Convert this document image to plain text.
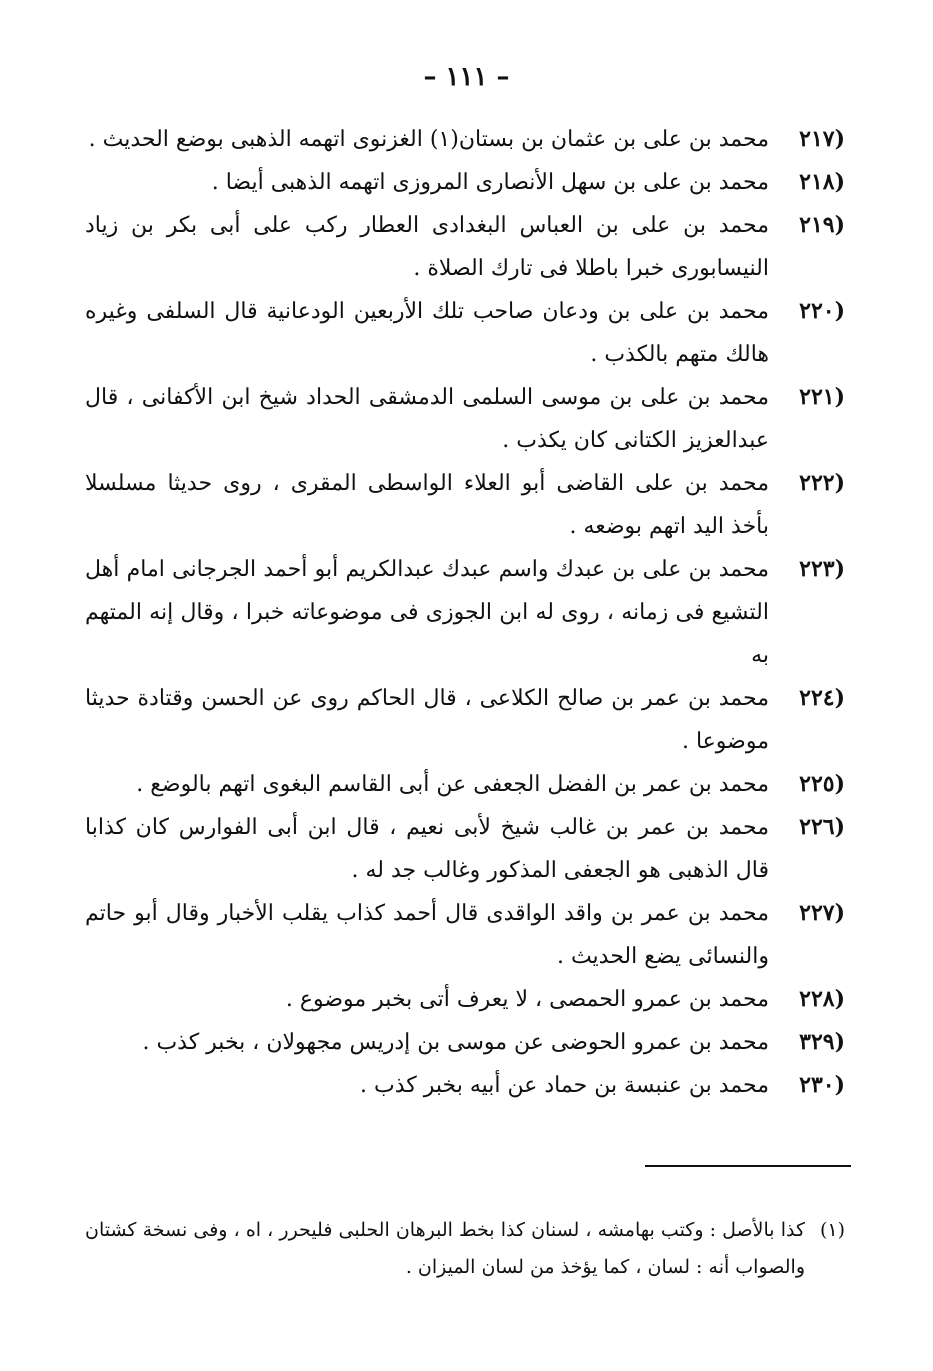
– ١١١ –

(٢١٧محمد بن على بن عثمان بن بستان(١) الغزنوى اتهمه الذهبى بوضع الحديث .

(٢١٨محمد بن على بن سهل الأنصارى المروزى اتهمه الذهبى أيضا .

(٢١٩محمد بن على بن العباس البغدادى العطار ركب على أبى بكر بن زياد النيسابورى خبرا باطلا فى تارك الصلاة .

(٢٢٠محمد بن على بن ودعان صاحب تلك الأربعين الودعانية قال السلفى وغيره هالك متهم بالكذب .

(٢٢١محمد بن على بن موسى السلمى الدمشقى الحداد شيخ ابن الأكفانى ، قال عبدالعزيز الكتانى كان يكذب .

(٢٢٢محمد بن على القاضى أبو العلاء الواسطى المقرى ، روى حديثا مسلسلا بأخذ اليد اتهم بوضعه .

(٢٢٣محمد بن على بن عبدك واسم عبدك عبدالكريم أبو أحمد الجرجانى امام أهل التشيع فى زمانه ، روى له ابن الجوزى فى موضوعاته خبرا ، وقال إنه المتهم به

(٢٢٤محمد بن عمر بن صالح الكلاعى ، قال الحاكم روى عن الحسن وقتادة حديثا موضوعا .

(٢٢٥محمد بن عمر بن الفضل الجعفى عن أبى القاسم البغوى اتهم بالوضع .

(٢٢٦محمد بن عمر بن غالب شيخ لأبى نعيم ، قال ابن أبى الفوارس كان كذابا قال الذهبى هو الجعفى المذكور وغالب جد له .

(٢٢٧محمد بن عمر بن واقد الواقدى قال أحمد كذاب يقلب الأخبار وقال أبو حاتم والنسائى يضع الحديث .

(٢٢٨محمد بن عمرو الحمصى ، لا يعرف أتى بخبر موضوع .

(٣٢٩محمد بن عمرو الحوضى عن موسى بن إدريس مجهولان ، بخبر كذب .

(٢٣٠محمد بن عنبسة بن حماد عن أبيه بخبر كذب .

(١)كذا بالأصل : وكتب بهامشه ، لسنان كذا بخط البرهان الحلبى فليحرر ، اه ، وفى نسخة كشتان والصواب أنه : لسان ، كما يؤخذ من لسان الميزان .
